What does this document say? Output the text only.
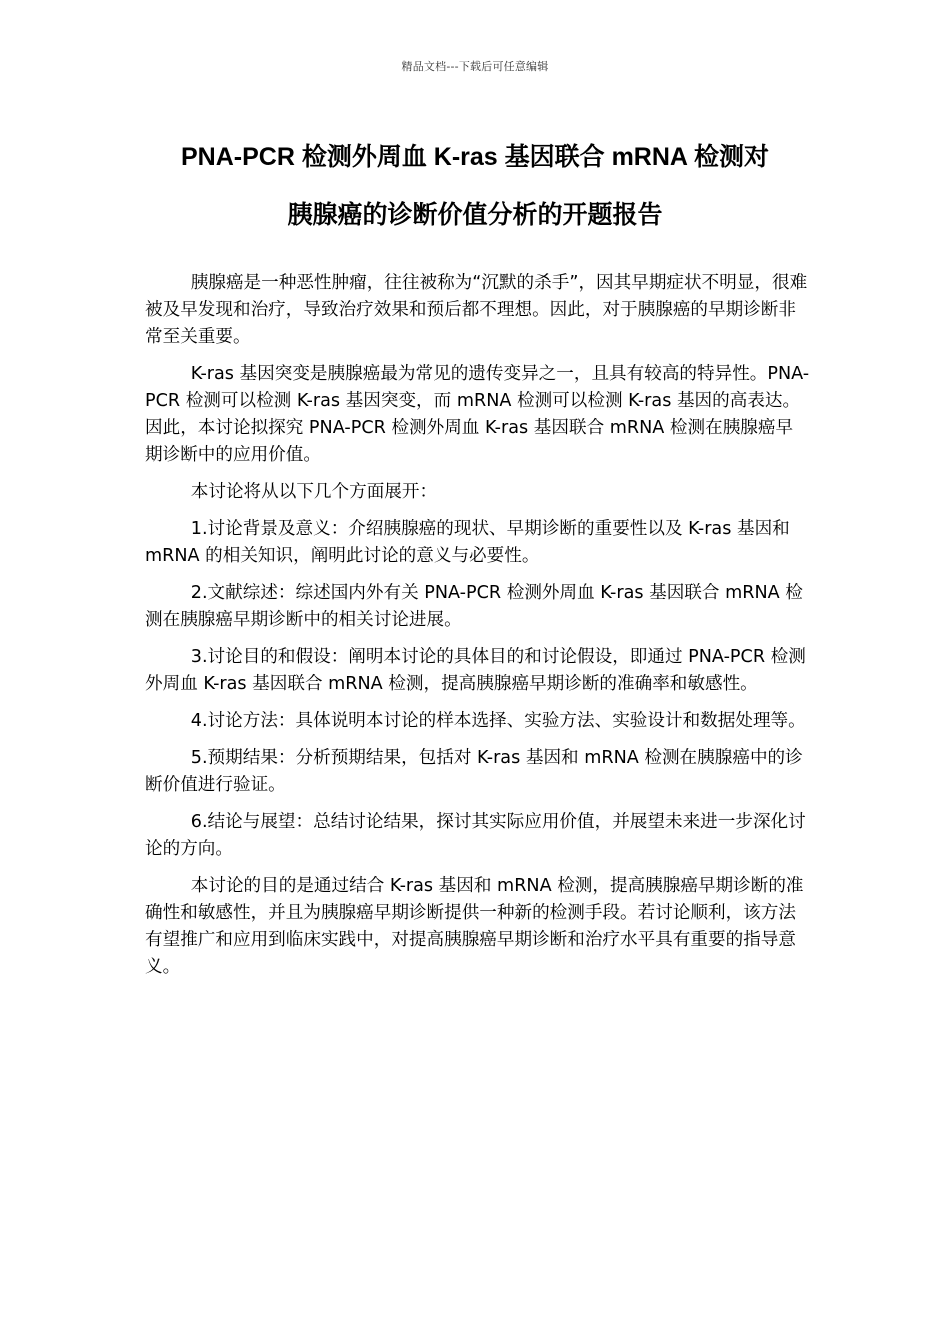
精品文档---下载后可任意编辑
PNA-PCR 检测外周血 K-ras 基因联合 mRNA 检测对
胰腺癌的诊断价值分析的开题报告

胰腺癌是一种恶性肿瘤，往往被称为“沉默的杀手”，因其早期症状不明显，很难被及早发现和治疗，导致治疗效果和预后都不理想。因此，对于胰腺癌的早期诊断非常至关重要。

K-ras 基因突变是胰腺癌最为常见的遗传变异之一，且具有较高的特异性。PNA-PCR 检测可以检测 K-ras 基因突变，而 mRNA 检测可以检测 K-ras 基因的高表达。因此，本讨论拟探究 PNA-PCR 检测外周血 K-ras 基因联合 mRNA 检测在胰腺癌早期诊断中的应用价值。

本讨论将从以下几个方面展开：

1.讨论背景及意义：介绍胰腺癌的现状、早期诊断的重要性以及 K-ras 基因和 mRNA 的相关知识，阐明此讨论的意义与必要性。

2.文献综述：综述国内外有关 PNA-PCR 检测外周血 K-ras 基因联合 mRNA 检测在胰腺癌早期诊断中的相关讨论进展。

3.讨论目的和假设：阐明本讨论的具体目的和讨论假设，即通过 PNA-PCR 检测外周血 K-ras 基因联合 mRNA 检测，提高胰腺癌早期诊断的准确率和敏感性。

4.讨论方法：具体说明本讨论的样本选择、实验方法、实验设计和数据处理等。

5.预期结果：分析预期结果，包括对 K-ras 基因和 mRNA 检测在胰腺癌中的诊断价值进行验证。

6.结论与展望：总结讨论结果，探讨其实际应用价值，并展望未来进一步深化讨论的方向。

本讨论的目的是通过结合 K-ras 基因和 mRNA 检测，提高胰腺癌早期诊断的准确性和敏感性，并且为胰腺癌早期诊断提供一种新的检测手段。若讨论顺利，该方法有望推广和应用到临床实践中，对提高胰腺癌早期诊断和治疗水平具有重要的指导意义。
